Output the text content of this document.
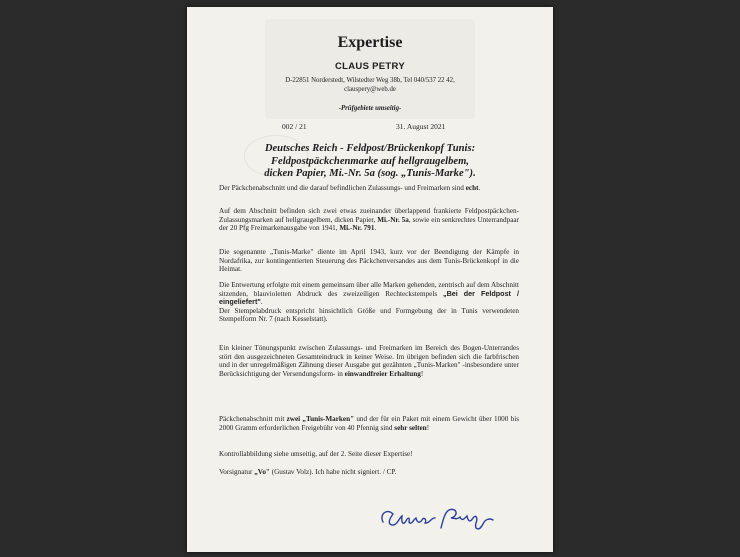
Expertise
CLAUS PETRY
D-22851 Norderstedt, Wilstedter Weg 38b, Tel 040/537 22 42,
clauspery@web.de
-Prüfgebiete umseitig-
002 / 21	31. August 2021
Deutsches Reich - Feldpost/Brückenkopf Tunis:
Feldpostpäckchenmarke auf hellgraugelbem,
dicken Papier, Mi.-Nr. 5a (sog. „Tunis-Marke").
Der Päckchenabschnitt und die darauf befindlichen Zulassungs- und Freimarken sind echt.
Auf dem Abschnitt befinden sich zwei etwas zueinander überlappend frankierte Feldpostpäckchen-Zulassungsmarken auf hellgraugelbem, dicken Papier, Mi.-Nr. 5a, sowie ein senkrechtes Unterrandpaar der 20 Pfg Freimarkenausgabe von 1941, Mi.-Nr. 791.
Die sogenannte „Tunis-Marke" diente im April 1943, kurz vor der Beendigung der Kämpfe in Nordafrika, zur kontingentierten Steuerung des Päckchenversandes aus dem Tunis-Brückenkopf in die Heimat.
Die Entwertung erfolgte mit einem gemeinsam über alle Marken gehenden, zentrisch auf dem Abschnitt sitzenden, blauvioletten Abdruck des zweizeiligen Rechteckstempels „Bei der Feldpost / eingeliefert".
Der Stempelabdruck entspricht hinsichtlich Größe und Formgebung der in Tunis verwendeten Stempelform Nr. 7 (nach Kesselstatt).
Ein kleiner Tönungspunkt zwischen Zulassungs- und Freimarken im Bereich des Bogen-Unterrandes stört den ausgezeichneten Gesamteindruck in keiner Weise. Im übrigen befinden sich die farbfrischen und in der unregelmäßigen Zähnung dieser Ausgabe gut gezähnten „Tunis-Marken" -insbesondere unter Berücksichtigung der Versendungsform- in einwandfreier Erhaltung!
Päckchenabschnitt mit zwei „Tunis-Marken" und der für ein Paket mit einem Gewicht über 1000 bis 2000 Gramm erforderlichen Freigebühr von 40 Pfennig sind sehr selten!
Kontrollabbildung siehe umseitig, auf der 2. Seite dieser Expertise!
Vorsignatur „Vo" (Gustav Volz). Ich habe nicht signiert. / CP.
